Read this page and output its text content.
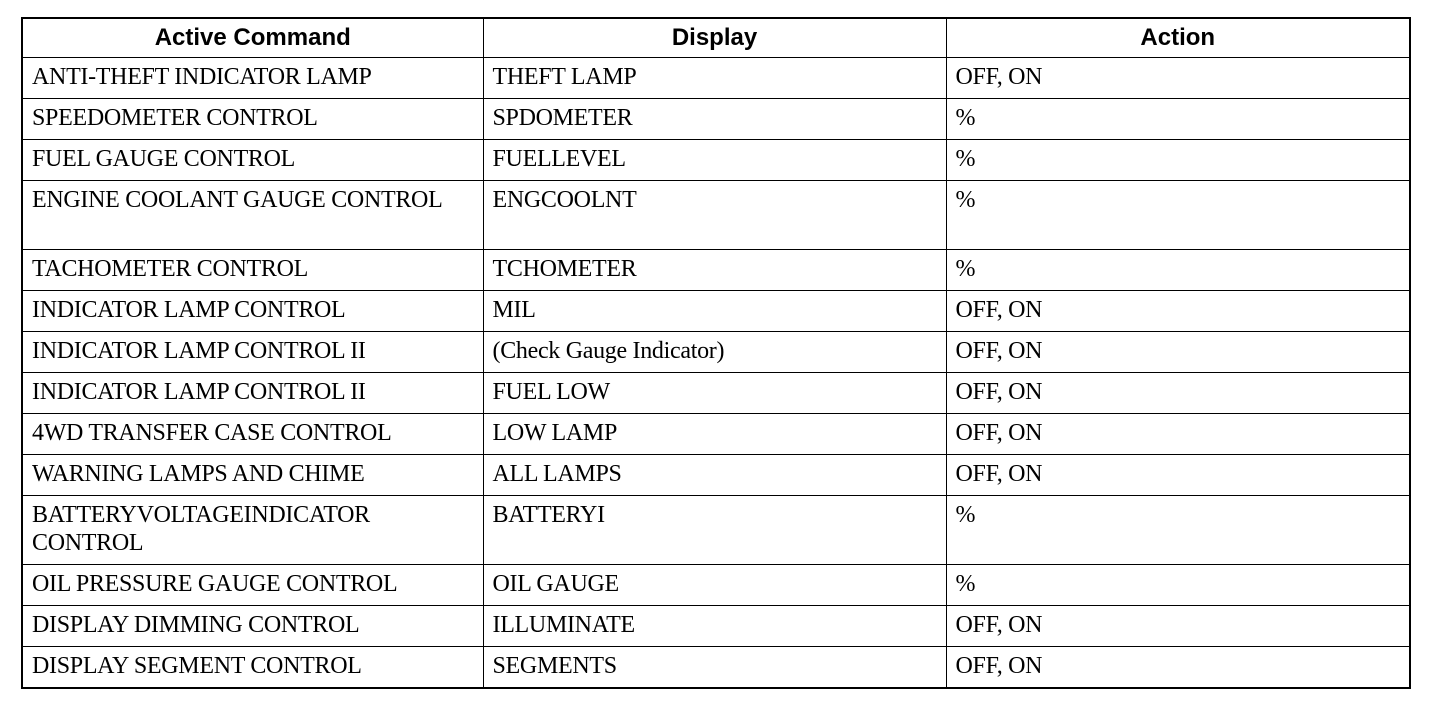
Active Command	Display	Action
ANTI-THEFT INDICATOR LAMP	THEFT LAMP	OFF, ON
SPEEDOMETER CONTROL	SPDOMETER	%
FUEL GAUGE CONTROL	FUELLEVEL	%
ENGINE COOLANT GAUGE CONTROL	ENGCOOLNT	%
TACHOMETER CONTROL	TCHOMETER	%
INDICATOR LAMP CONTROL	MIL	OFF, ON
INDICATOR LAMP CONTROL II	(Check Gauge Indicator)	OFF, ON
INDICATOR LAMP CONTROL II	FUEL LOW	OFF, ON
4WD TRANSFER CASE CONTROL	LOW LAMP	OFF, ON
WARNING LAMPS AND CHIME	ALL LAMPS	OFF, ON
BATTERYVOLTAGEINDICATOR CONTROL	BATTERYI	%
OIL PRESSURE GAUGE CONTROL	OIL GAUGE	%
DISPLAY DIMMING CONTROL	ILLUMINATE	OFF, ON
DISPLAY SEGMENT CONTROL	SEGMENTS	OFF, ON
